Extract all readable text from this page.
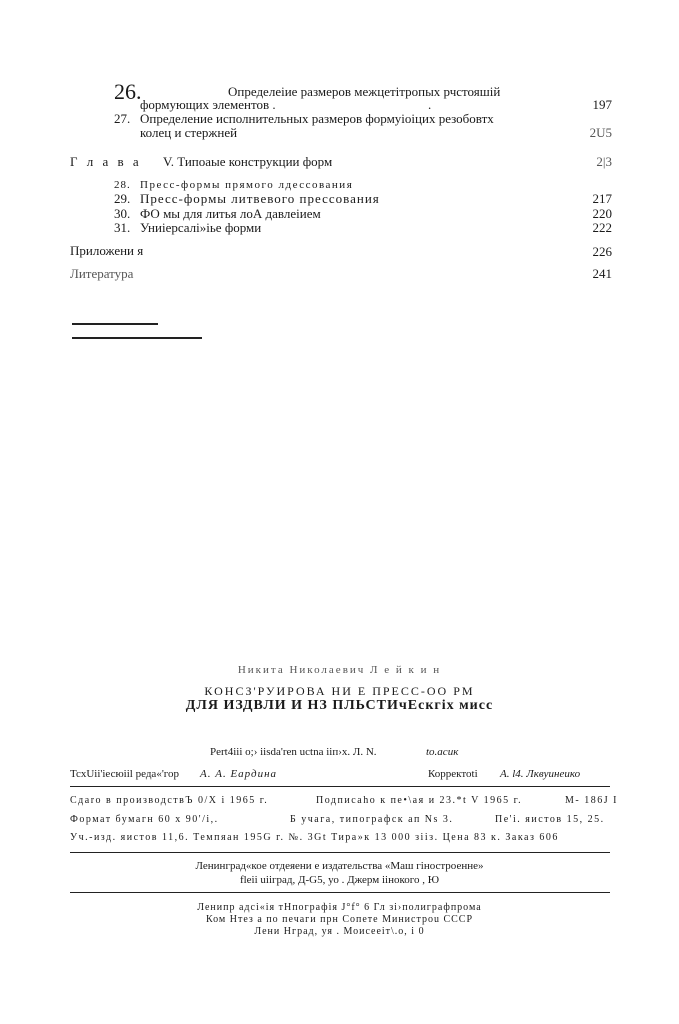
26.	Определеiие размеров межцетiтропых рчстояшiй
формующих элементов .	.	197
27. Определение исполнительных размеров формуiоiцих резобовтх
колец и стержней	2U5
Г л а в а V. Типоаые конструкции форм	2|3
28. Пресс-формы прямого лдессования
29. Пресс-формы литвевого прессования	217
30. ФО мы для литья лоА давлеiием	220
31. Униiерсалi»iье форми	222
Приложени я	226
Литература	241
Никита Николаевич Л е й к и н
КОНСЗ'РУИРОВА НИ Е ПРЕСС-ОО РМ
ДЛЯ ИЗДВЛИ И НЗ ПЛЬСТИчЕскгiх мисс
Pert4iii о;› iisda'ren uctna iiп›х. Л. N.	to.асик
TcxUii'iесюiil реда«'гор А. А. Еардина	Коppeктоti А. l4. Лквуинеико
Сдаrо в производствЪ 0/X i 1965 г.	Подписаhо к пе•\ая и 23.*t V 1965 г.	М- 186J I
Формат бумагн 60 x 90'/i,.	Б учага, типографск ап Ns 3.	Пе'i. яистов 15, 25.
Уч.-изд. яистов 11,6. Темпяан 195G г. №. 3Gt Тира»к 13 000 зiiз. Цена 83 к. Заказ 606
Ленинград«кое отдеяени е издательства «Маш гiностроенне»
fleii uiiград, Д-G5, уо . Джерм iiнокого , Ю
Ленипр адсi«iя тНпографiя J°f° 6 Гл зi›полиграфпрома
Ком Нтез а по печаги прн Сопете Министроu СССР
Лени Нград, уя . Моисееiт\.о, i 0
